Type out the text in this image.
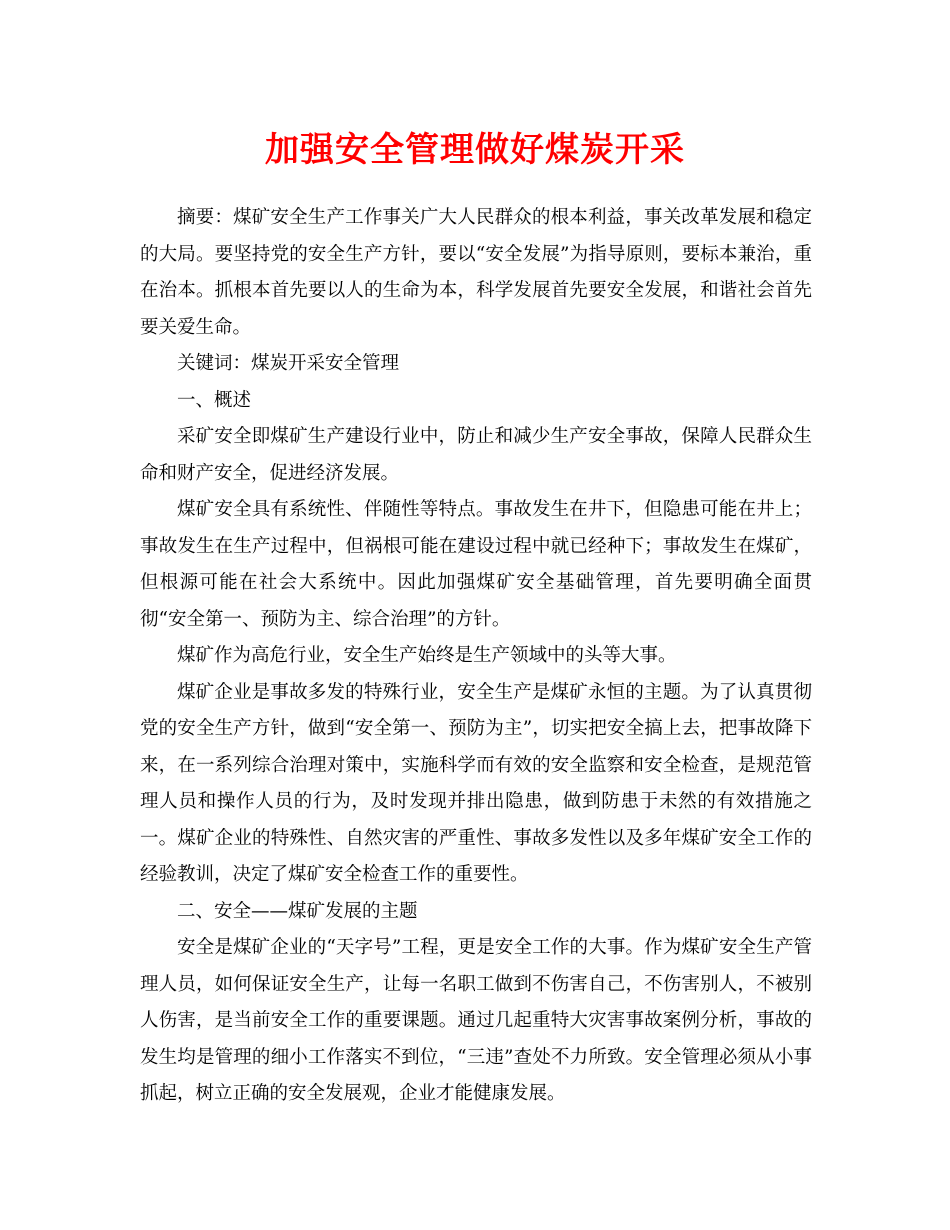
加强安全管理做好煤炭开采

摘要：煤矿安全生产工作事关广大人民群众的根本利益，事关改革发展和稳定的大局。要坚持党的安全生产方针，要以“安全发展”为指导原则，要标本兼治，重在治本。抓根本首先要以人的生命为本，科学发展首先要安全发展，和谐社会首先要关爱生命。

关键词：煤炭开采安全管理

一、概述

采矿安全即煤矿生产建设行业中，防止和减少生产安全事故，保障人民群众生命和财产安全，促进经济发展。

煤矿安全具有系统性、伴随性等特点。事故发生在井下，但隐患可能在井上；事故发生在生产过程中，但祸根可能在建设过程中就已经种下；事故发生在煤矿，但根源可能在社会大系统中。因此加强煤矿安全基础管理，首先要明确全面贯彻“安全第一、预防为主、综合治理”的方针。

煤矿作为高危行业，安全生产始终是生产领域中的头等大事。

煤矿企业是事故多发的特殊行业，安全生产是煤矿永恒的主题。为了认真贯彻党的安全生产方针，做到“安全第一、预防为主”，切实把安全搞上去，把事故降下来，在一系列综合治理对策中，实施科学而有效的安全监察和安全检查，是规范管理人员和操作人员的行为，及时发现并排出隐患，做到防患于未然的有效措施之一。煤矿企业的特殊性、自然灾害的严重性、事故多发性以及多年煤矿安全工作的经验教训，决定了煤矿安全检查工作的重要性。

二、安全——煤矿发展的主题

安全是煤矿企业的“天字号”工程，更是安全工作的大事。作为煤矿安全生产管理人员，如何保证安全生产，让每一名职工做到不伤害自己，不伤害别人，不被别人伤害，是当前安全工作的重要课题。通过几起重特大灾害事故案例分析，事故的发生均是管理的细小工作落实不到位，“三违”查处不力所致。安全管理必须从小事抓起，树立正确的安全发展观，企业才能健康发展。
